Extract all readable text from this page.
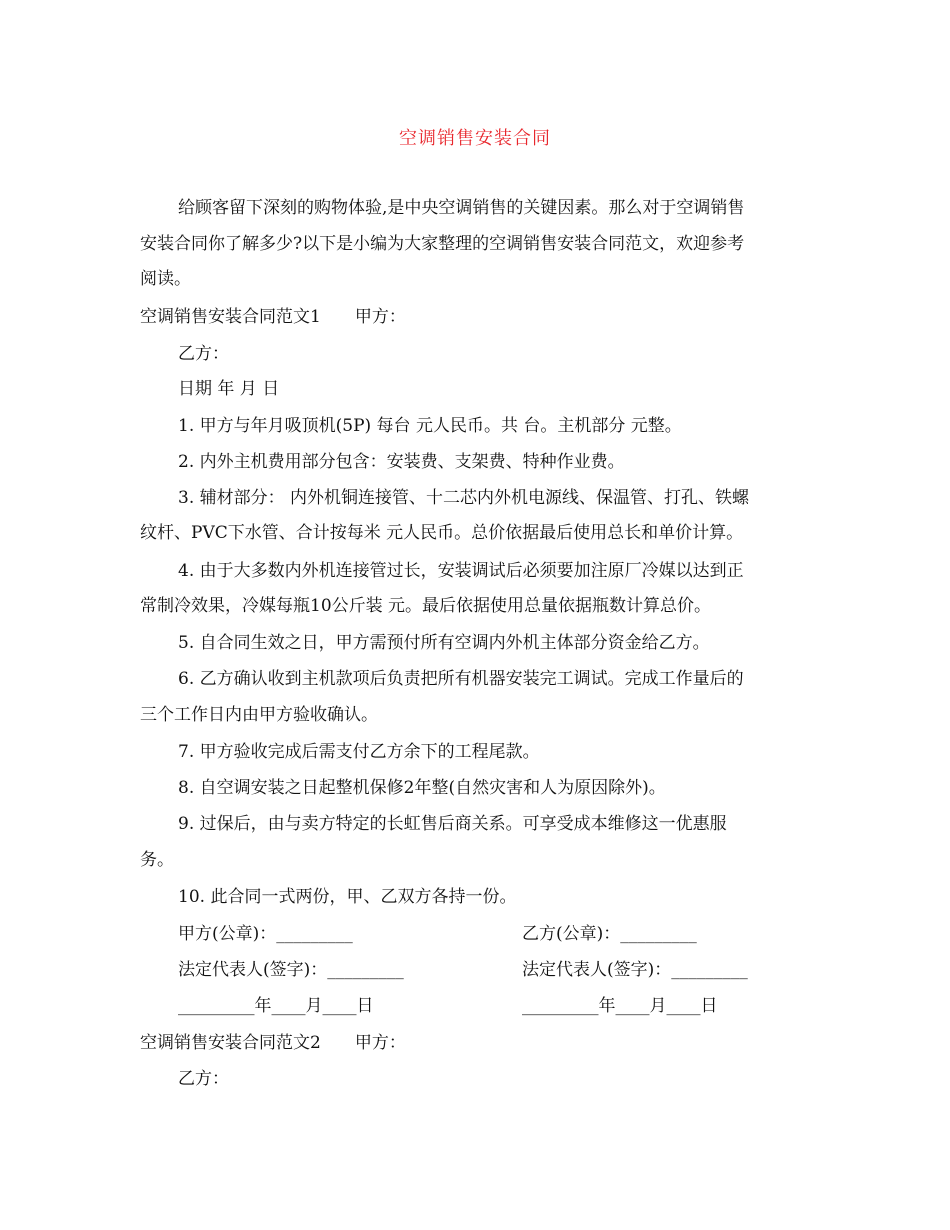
空调销售安装合同
给顾客留下深刻的购物体验,是中央空调销售的关键因素。那么对于空调销售
安装合同你了解多少?以下是小编为大家整理的空调销售安装合同范文，欢迎参考
阅读。
空调销售安装合同范文1　　甲方：
乙方：
日期 年 月 日
1. 甲方与年月吸顶机(5P) 每台 元人民币。共 台。主机部分 元整。
2. 内外主机费用部分包含：安装费、支架费、特种作业费。
3. 辅材部分： 内外机铜连接管、十二芯内外机电源线、保温管、打孔、铁螺
纹杆、PVC下水管、合计按每米 元人民币。总价依据最后使用总长和单价计算。
4. 由于大多数内外机连接管过长，安装调试后必须要加注原厂冷媒以达到正
常制冷效果，冷媒每瓶10公斤装 元。最后依据使用总量依据瓶数计算总价。
5. 自合同生效之日，甲方需预付所有空调内外机主体部分资金给乙方。
6. 乙方确认收到主机款项后负责把所有机器安装完工调试。完成工作量后的
三个工作日内由甲方验收确认。
7. 甲方验收完成后需支付乙方余下的工程尾款。
8. 自空调安装之日起整机保修2年整(自然灾害和人为原因除外)。
9. 过保后，由与卖方特定的长虹售后商关系。可享受成本维修这一优惠服
务。
10. 此合同一式两份，甲、乙双方各持一份。
甲方(公章)：_________	乙方(公章)：_________
法定代表人(签字)：_________	法定代表人(签字)：_________
_________年____月____日	_________年____月____日
空调销售安装合同范文2　　甲方：
乙方：
